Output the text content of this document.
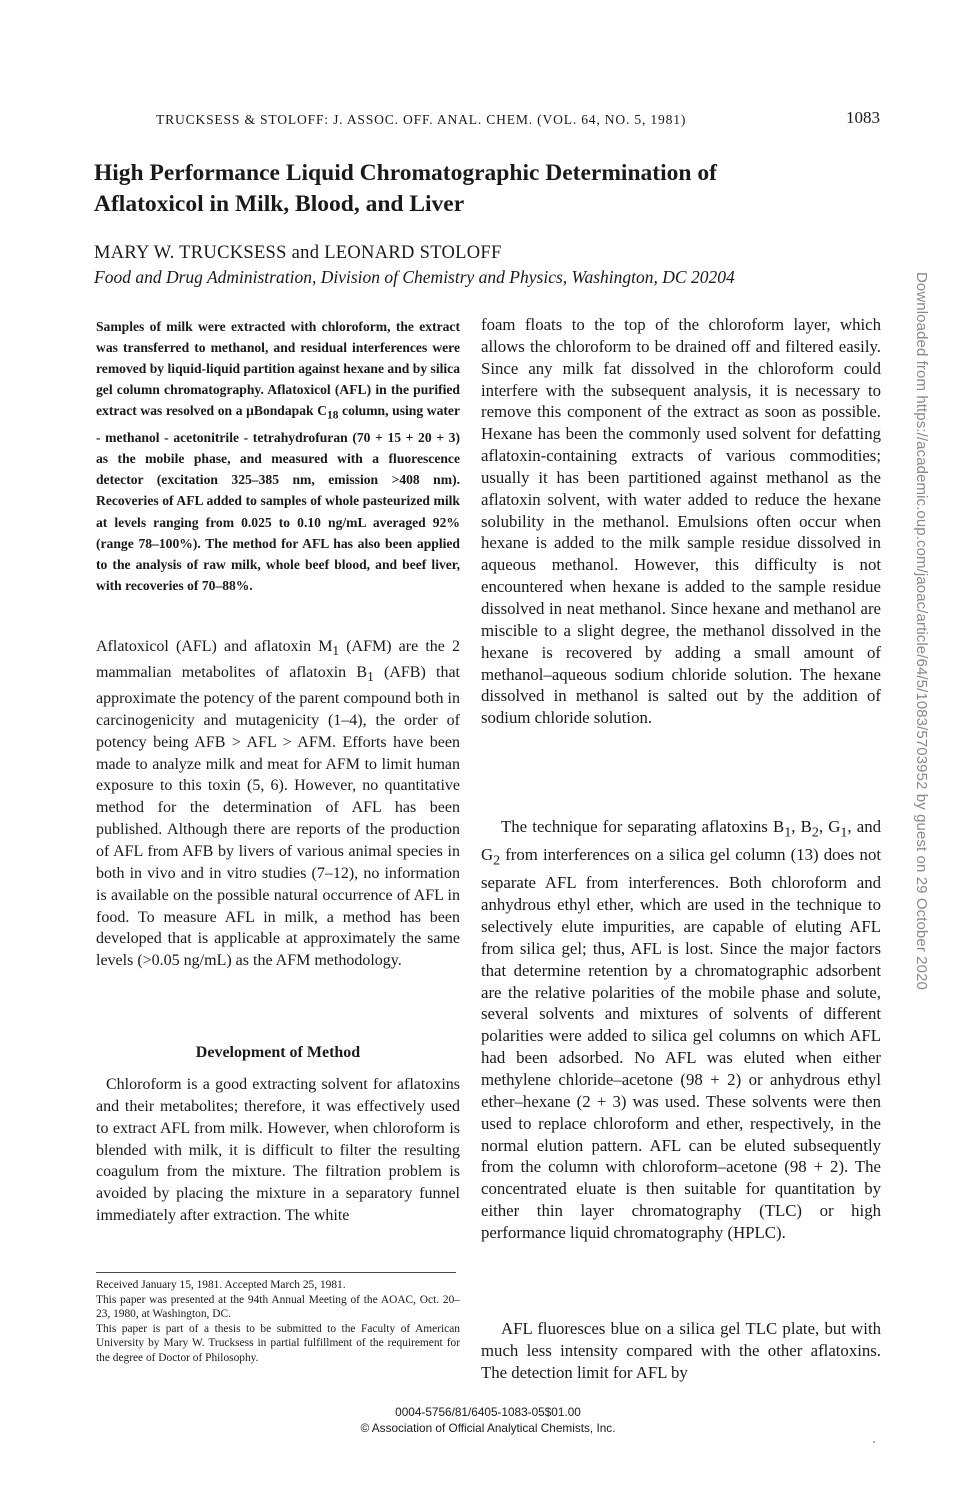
TRUCKSESS & STOLOFF: J. ASSOC. OFF. ANAL. CHEM. (VOL. 64, NO. 5, 1981)	1083
High Performance Liquid Chromatographic Determination of
Aflatoxicol in Milk, Blood, and Liver
MARY W. TRUCKSESS and LEONARD STOLOFF
Food and Drug Administration, Division of Chemistry and Physics, Washington, DC 20204

Samples of milk were extracted with chloroform, the extract was transferred to methanol, and residual interferences were removed by liquid-liquid partition against hexane and by silica gel column chromatography. Aflatoxicol (AFL) in the purified extract was resolved on a μBondapak $C_{18}$ column, using water - methanol - acetonitrile - tetrahydrofuran (70 + 15 + 20 + 3) as the mobile phase, and measured with a fluorescence detector (excitation 325–385 nm, emission >408 nm). Recoveries of AFL added to samples of whole pasteurized milk at levels ranging from 0.025 to 0.10 ng/mL averaged 92% (range 78–100%). The method for AFL has also been applied to the analysis of raw milk, whole beef blood, and beef liver, with recoveries of 70–88%.

Aflatoxicol (AFL) and aflatoxin $M_1$ (AFM) are the 2 mammalian metabolites of aflatoxin $B_1$ (AFB) that approximate the potency of the parent compound both in carcinogenicity and mutagenicity (1–4), the order of potency being AFB > AFL > AFM. Efforts have been made to analyze milk and meat for AFM to limit human exposure to this toxin (5, 6). However, no quantitative method for the determination of AFL has been published. Although there are reports of the production of AFL from AFB by livers of various animal species in both in vivo and in vitro studies (7–12), no information is available on the possible natural occurrence of AFL in food. To measure AFL in milk, a method has been developed that is applicable at approximately the same levels (>0.05 ng/mL) as the AFM methodology.

Development of Method

Chloroform is a good extracting solvent for aflatoxins and their metabolites; therefore, it was effectively used to extract AFL from milk. However, when chloroform is blended with milk, it is difficult to filter the resulting coagulum from the mixture. The filtration problem is avoided by placing the mixture in a separatory funnel immediately after extraction. The white

Received January 15, 1981. Accepted March 25, 1981.

This paper was presented at the 94th Annual Meeting of the AOAC, Oct. 20–23, 1980, at Washington, DC.

This paper is part of a thesis to be submitted to the Faculty of American University by Mary W. Trucksess in partial fulfillment of the requirement for the degree of Doctor of Philosophy.

foam floats to the top of the chloroform layer, which allows the chloroform to be drained off and filtered easily. Since any milk fat dissolved in the chloroform could interfere with the subsequent analysis, it is necessary to remove this component of the extract as soon as possible. Hexane has been the commonly used solvent for defatting aflatoxin-containing extracts of various commodities; usually it has been partitioned against methanol as the aflatoxin solvent, with water added to reduce the hexane solubility in the methanol. Emulsions often occur when hexane is added to the milk sample residue dissolved in aqueous methanol. However, this difficulty is not encountered when hexane is added to the sample residue dissolved in neat methanol. Since hexane and methanol are miscible to a slight degree, the methanol dissolved in the hexane is recovered by adding a small amount of methanol–aqueous sodium chloride solution. The hexane dissolved in methanol is salted out by the addition of sodium chloride solution.

The technique for separating aflatoxins $B_1$, $B_2$, $G_1$, and $G_2$ from interferences on a silica gel column (13) does not separate AFL from interferences. Both chloroform and anhydrous ethyl ether, which are used in the technique to selectively elute impurities, are capable of eluting AFL from silica gel; thus, AFL is lost. Since the major factors that determine retention by a chromatographic adsorbent are the relative polarities of the mobile phase and solute, several solvents and mixtures of solvents of different polarities were added to silica gel columns on which AFL had been adsorbed. No AFL was eluted when either methylene chloride–acetone (98 + 2) or anhydrous ethyl ether–hexane (2 + 3) was used. These solvents were then used to replace chloroform and ether, respectively, in the normal elution pattern. AFL can be eluted subsequently from the column with chloroform–acetone (98 + 2). The concentrated eluate is then suitable for quantitation by either thin layer chromatography (TLC) or high performance liquid chromatography (HPLC).

AFL fluoresces blue on a silica gel TLC plate, but with much less intensity compared with the other aflatoxins. The detection limit for AFL by

0004-5756/81/6405-1083-05$01.00
© Association of Official Analytical Chemists, Inc.
Downloaded from https://academic.oup.com/jaoac/article/64/5/1083/5703952 by guest on 29 October 2020
